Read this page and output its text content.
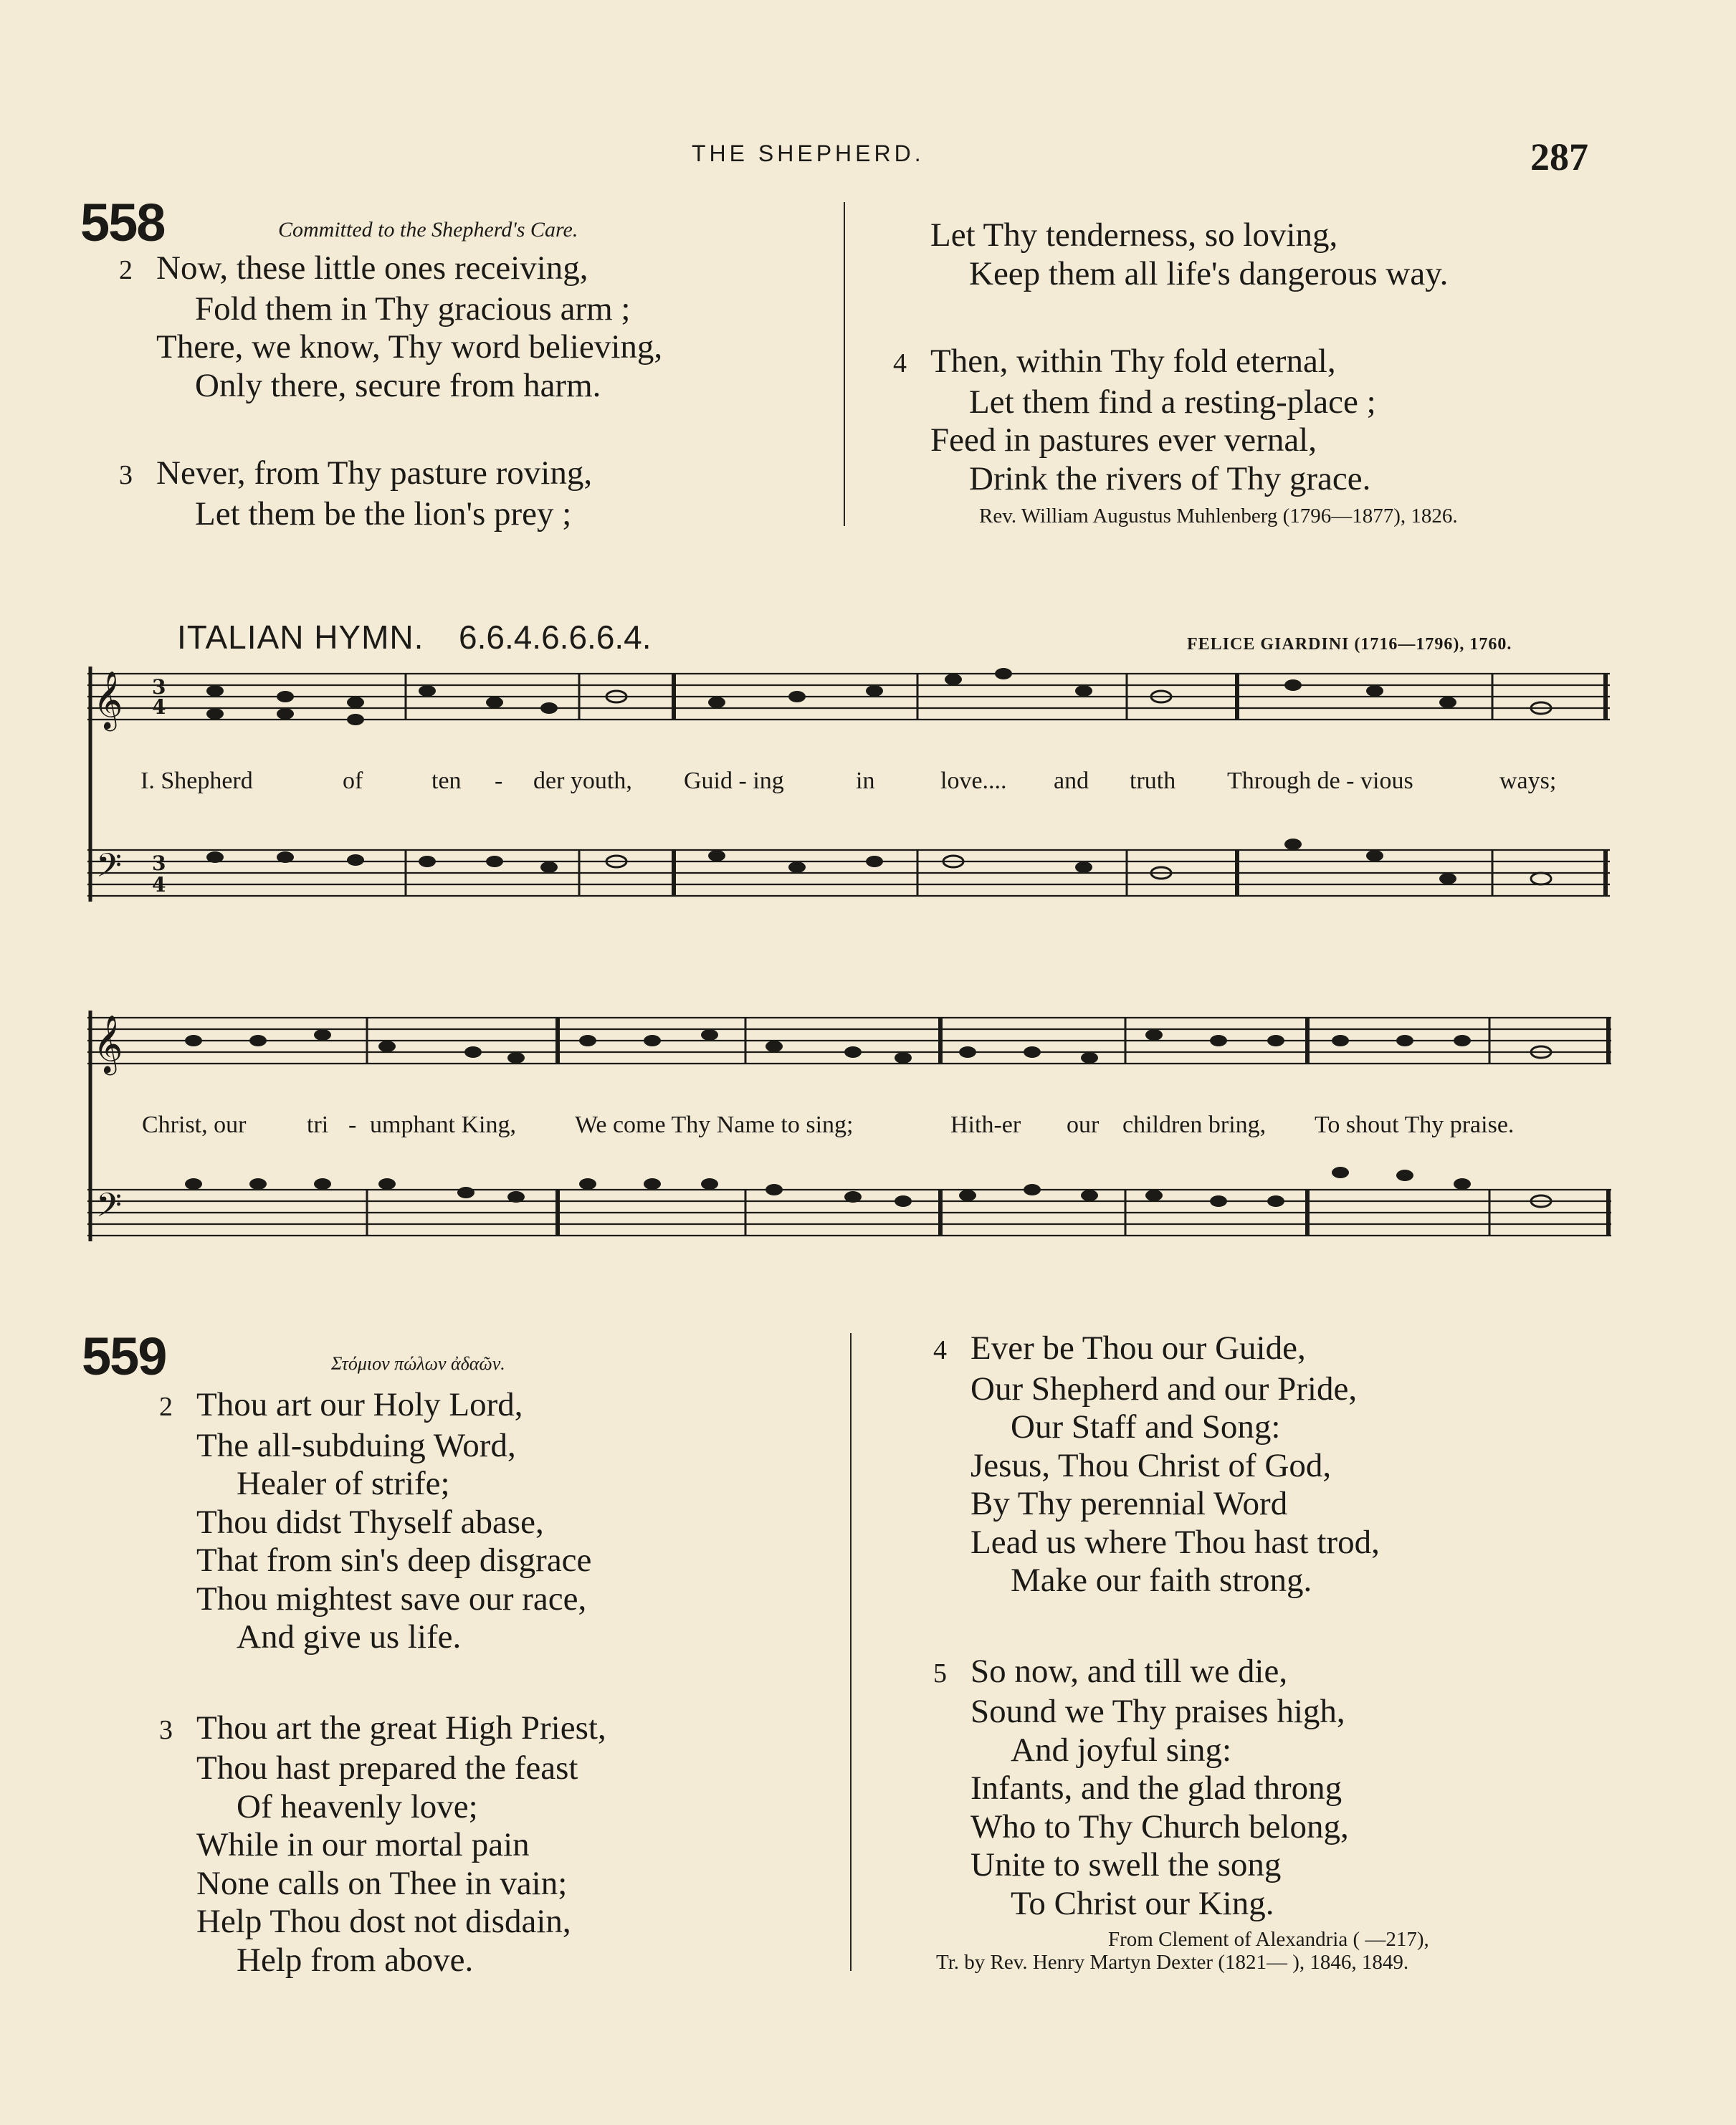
THE SHEPHERD.	287
558	Committed to the Shepherd's Care.
2 Now, these little ones receiving,
Fold them in Thy gracious arm ;
There, we know, Thy word believing,
Only there, secure from harm.
3 Never, from Thy pasture roving,
Let them be the lion's prey ;
Let Thy tenderness, so loving,
Keep them all life's dangerous way.
4 Then, within Thy fold eternal,
Let them find a resting-place ;
Feed in pastures ever vernal,
Drink the rivers of Thy grace.
Rev. William Augustus Muhlenberg (1796—1877), 1826.
ITALIAN HYMN. 6.6.4.6.6.6.4.	FELICE GIARDINI (1716—1796), 1760.
𝄞 3
4
𝄢 3
4
𝄞
𝄢
I. Shepherd	of	ten - der youth, Guid - ing	in	love.... and truth Through de - vious	ways;
Christ, our tri - umphant King, We come Thy Name to sing;	Hith-er our children bring, To shout Thy praise.
559	Στόμιον πώλων ἀδαῶν.
2 Thou art our Holy Lord,
The all-subduing Word,
Healer of strife;
Thou didst Thyself abase,
That from sin's deep disgrace
Thou mightest save our race,
And give us life.
3 Thou art the great High Priest,
Thou hast prepared the feast
Of heavenly love;
While in our mortal pain
None calls on Thee in vain;
Help Thou dost not disdain,
Help from above.
4 Ever be Thou our Guide,
Our Shepherd and our Pride,
Our Staff and Song:
Jesus, Thou Christ of God,
By Thy perennial Word
Lead us where Thou hast trod,
Make our faith strong.
5 So now, and till we die,
Sound we Thy praises high,
And joyful sing:
Infants, and the glad throng
Who to Thy Church belong,
Unite to swell the song
To Christ our King.
From Clement of Alexandria ( —217),
Tr. by Rev. Henry Martyn Dexter (1821— ), 1846, 1849.
